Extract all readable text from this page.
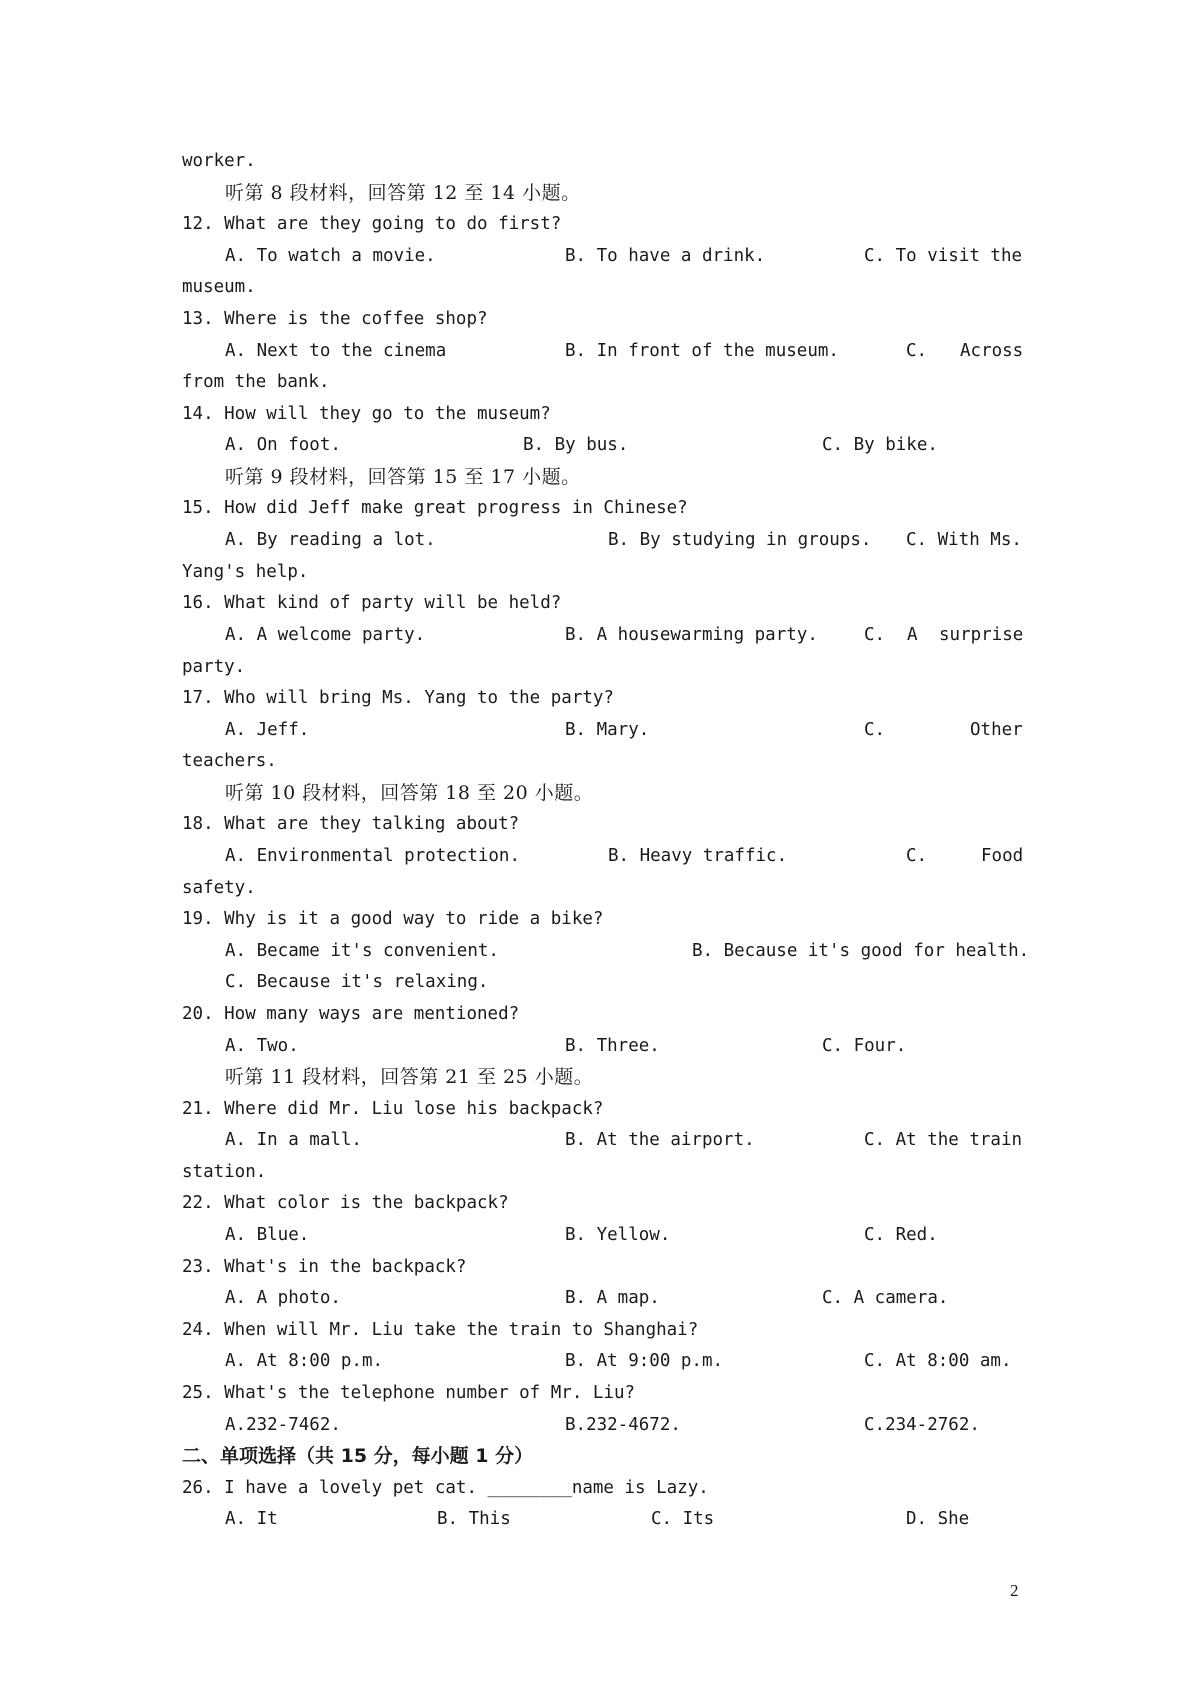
worker.
听第 8 段材料，回答第 12 至 14 小题。
12. What are they going to do first?
A. To watch a movie.	B. To have a drink.	C. To visit the
museum.
13. Where is the coffee shop?
A. Next to the cinema	B. In front of the museum.	C. Across
from the bank.
14. How will they go to the museum?
A. On foot.	B. By bus.	C. By bike.
听第 9 段材料，回答第 15 至 17 小题。
15. How did Jeff make great progress in Chinese?
A. By reading a lot.	B. By studying in groups. C. With Ms.
Yang's help.
16. What kind of party will be held?
A. A welcome party.	B. A housewarming party.	C. A surprise
party.
17. Who will bring Ms. Yang to the party?
A. Jeff.	B. Mary.	C.	Other
teachers.
听第 10 段材料，回答第 18 至 20 小题。
18. What are they talking about?
A. Environmental protection.	B. Heavy traffic.	C.	Food
safety.
19. Why is it a good way to ride a bike?
A. Became it's convenient.	B. Because it's good for health.
C. Because it's relaxing.
20. How many ways are mentioned?
A. Two.	B. Three.	C. Four.
听第 11 段材料，回答第 21 至 25 小题。
21. Where did Mr. Liu lose his backpack?
A. In a mall.	B. At the airport.	C. At the train
station.
22. What color is the backpack?
A. Blue.	B. Yellow.	C. Red.
23. What's in the backpack?
A. A photo.	B. A map.	C. A camera.
24. When will Mr. Liu take the train to Shanghai?
A. At 8:00 p.m.	B. At 9:00 p.m.	C. At 8:00 am.
25. What's the telephone number of Mr. Liu?
A.232-7462.	B.232-4672.	C.234-2762.
二、单项选择（共 15 分，每小题 1 分）
26. I have a lovely pet cat. ________name is Lazy.
A. It	B. This	C. Its	D. She
2
